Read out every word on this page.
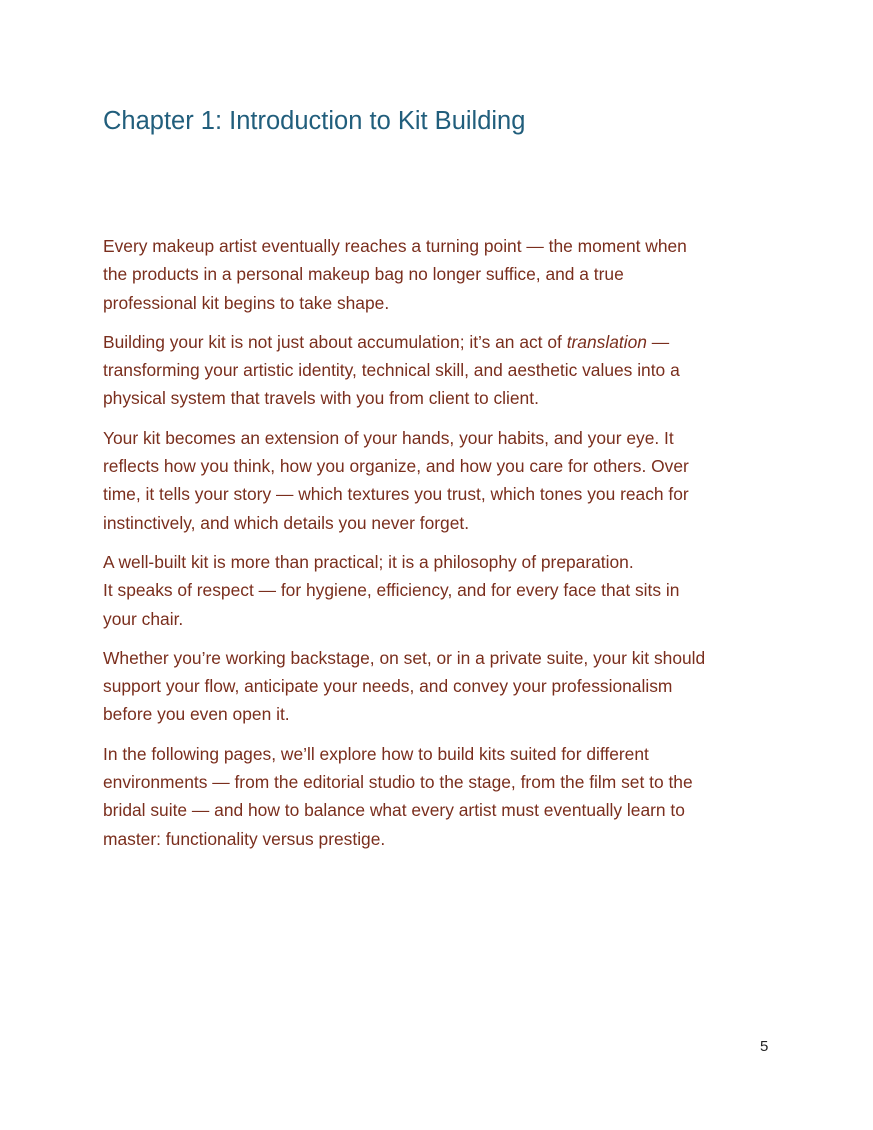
Chapter 1: Introduction to Kit Building

Every makeup artist eventually reaches a turning point — the moment when
the products in a personal makeup bag no longer suffice, and a true
professional kit begins to take shape.

Building your kit is not just about accumulation; it’s an act of translation —
transforming your artistic identity, technical skill, and aesthetic values into a
physical system that travels with you from client to client.

Your kit becomes an extension of your hands, your habits, and your eye. It
reflects how you think, how you organize, and how you care for others. Over
time, it tells your story — which textures you trust, which tones you reach for
instinctively, and which details you never forget.

A well-built kit is more than practical; it is a philosophy of preparation.
It speaks of respect — for hygiene, efficiency, and for every face that sits in
your chair.

Whether you’re working backstage, on set, or in a private suite, your kit should
support your flow, anticipate your needs, and convey your professionalism
before you even open it.

In the following pages, we’ll explore how to build kits suited for different
environments — from the editorial studio to the stage, from the film set to the
bridal suite — and how to balance what every artist must eventually learn to
master: functionality versus prestige.

5
